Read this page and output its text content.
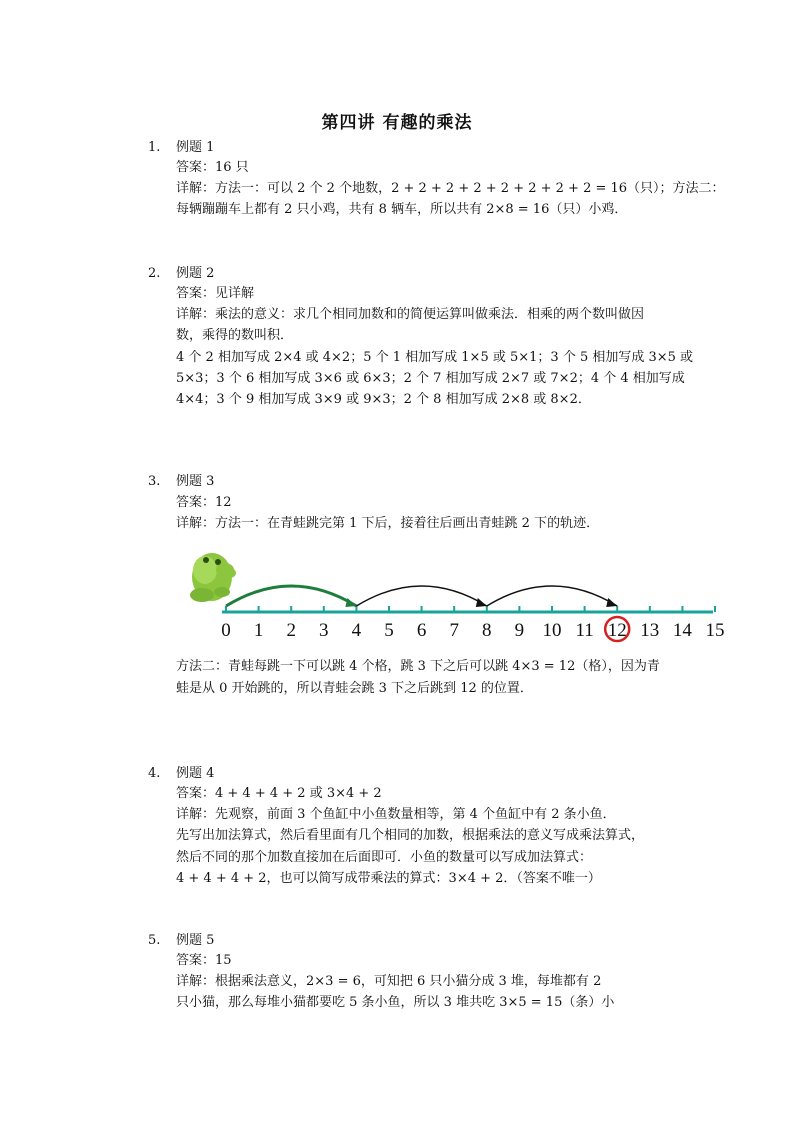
第四讲 有趣的乘法
1. 例题 1
答案：16 只
详解：方法一：可以 2 个 2 个地数，2 + 2 + 2 + 2 + 2 + 2 + 2 + 2 = 16（只）；方法二：
每辆蹦蹦车上都有 2 只小鸡，共有 8 辆车，所以共有 2×8 = 16（只）小鸡．
2. 例题 2
答案：见详解
详解：乘法的意义：求几个相同加数和的简便运算叫做乘法．相乘的两个数叫做因
数，乘得的数叫积．
4 个 2 相加写成 2×4 或 4×2；5 个 1 相加写成 1×5 或 5×1；3 个 5 相加写成 3×5 或
5×3；3 个 6 相加写成 3×6 或 6×3；2 个 7 相加写成 2×7 或 7×2；4 个 4 相加写成
4×4；3 个 9 相加写成 3×9 或 9×3；2 个 8 相加写成 2×8 或 8×2．
3. 例题 3
答案：12
详解：方法一：在青蛙跳完第 1 下后，接着往后画出青蛙跳 2 下的轨迹．
0 1 2 3 4 5 6 7 8 9 10 11 12 13 14 15
方法二：青蛙每跳一下可以跳 4 个格，跳 3 下之后可以跳 4×3 = 12（格），因为青
蛙是从 0 开始跳的，所以青蛙会跳 3 下之后跳到 12 的位置．
4. 例题 4
答案：4 + 4 + 4 + 2 或 3×4 + 2
详解：先观察，前面 3 个鱼缸中小鱼数量相等，第 4 个鱼缸中有 2 条小鱼．
先写出加法算式，然后看里面有几个相同的加数，根据乘法的意义写成乘法算式，
然后不同的那个加数直接加在后面即可．小鱼的数量可以写成加法算式：
4 + 4 + 4 + 2，也可以简写成带乘法的算式：3×4 + 2．（答案不唯一）
5. 例题 5
答案：15
详解：根据乘法意义，2×3 = 6，可知把 6 只小猫分成 3 堆，每堆都有 2
只小猫，那么每堆小猫都要吃 5 条小鱼，所以 3 堆共吃 3×5 = 15（条）小
